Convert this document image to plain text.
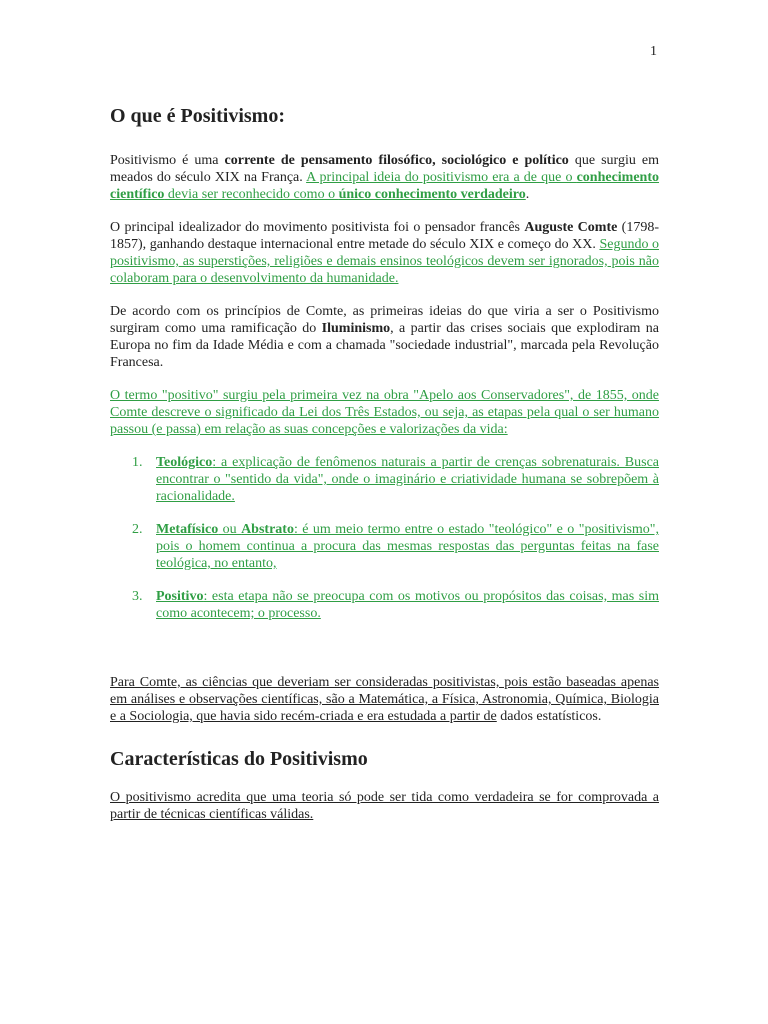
1
O que é Positivismo:

Positivismo é uma corrente de pensamento filosófico, sociológico e político que surgiu em meados do século XIX na França. A principal ideia do positivismo era a de que o conhecimento científico devia ser reconhecido como o único conhecimento verdadeiro.

O principal idealizador do movimento positivista foi o pensador francês Auguste Comte (1798-1857), ganhando destaque internacional entre metade do século XIX e começo do XX. Segundo o positivismo, as superstições, religiões e demais ensinos teológicos devem ser ignorados, pois não colaboram para o desenvolvimento da humanidade.

De acordo com os princípios de Comte, as primeiras ideias do que viria a ser o Positivismo surgiram como uma ramificação do Iluminismo, a partir das crises sociais que explodiram na Europa no fim da Idade Média e com a chamada "sociedade industrial", marcada pela Revolução Francesa.

O termo "positivo" surgiu pela primeira vez na obra "Apelo aos Conservadores", de 1855, onde Comte descreve o significado da Lei dos Três Estados, ou seja, as etapas pela qual o ser humano passou (e passa) em relação as suas concepções e valorizações da vida:

1. Teológico: a explicação de fenômenos naturais a partir de crenças sobrenaturais. Busca encontrar o "sentido da vida", onde o imaginário e criatividade humana se sobrepõem à racionalidade.
2. Metafísico ou Abstrato: é um meio termo entre o estado "teológico" e o "positivismo", pois o homem continua a procura das mesmas respostas das perguntas feitas na fase teológica, no entanto,
3. Positivo: esta etapa não se preocupa com os motivos ou propósitos das coisas, mas sim como acontecem; o processo.

Para Comte, as ciências que deveriam ser consideradas positivistas, pois estão baseadas apenas em análises e observações científicas, são a Matemática, a Física, Astronomia, Química, Biologia e a Sociologia, que havia sido recém-criada e era estudada a partir de dados estatísticos.

Características do Positivismo

O positivismo acredita que uma teoria só pode ser tida como verdadeira se for comprovada a partir de técnicas científicas válidas.
